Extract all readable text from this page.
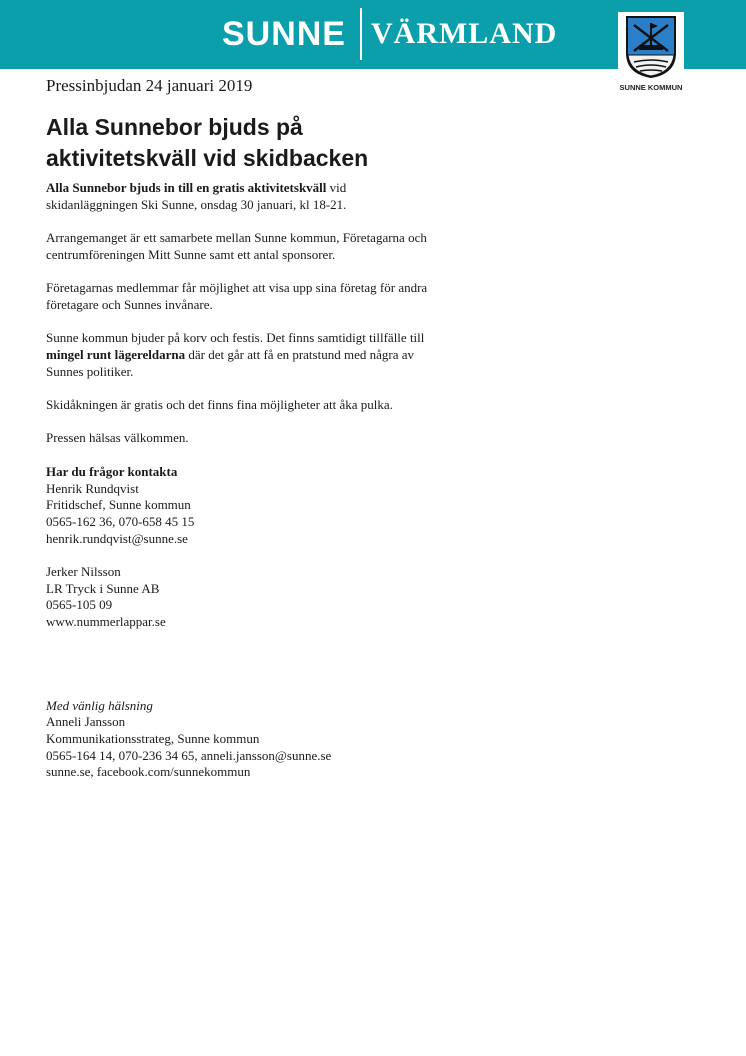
SUNNE VÄRMLAND
SUNNE KOMMUN
Pressinbjudan 24 januari 2019
Alla Sunnebor bjuds på
aktivitetskväll vid skidbacken

Alla Sunnebor bjuds in till en gratis aktivitetskväll vid
skidanläggningen Ski Sunne, onsdag 30 januari, kl 18-21.

Arrangemanget är ett samarbete mellan Sunne kommun, Företagarna och
centrumföreningen Mitt Sunne samt ett antal sponsorer.

Företagarnas medlemmar får möjlighet att visa upp sina företag för andra
företagare och Sunnes invånare.

Sunne kommun bjuder på korv och festis. Det finns samtidigt tillfälle till
mingel runt lägereldarna där det går att få en pratstund med några av
Sunnes politiker.

Skidåkningen är gratis och det finns fina möjligheter att åka pulka.

Pressen hälsas välkommen.

Har du frågor kontakta
Henrik Rundqvist
Fritidschef, Sunne kommun
0565-162 36, 070-658 45 15
henrik.rundqvist@sunne.se

Jerker Nilsson
LR Tryck i Sunne AB
0565-105 09
www.nummerlappar.se

Med vänlig hälsning
Anneli Jansson
Kommunikationsstrateg, Sunne kommun
0565-164 14, 070-236 34 65, anneli.jansson@sunne.se
sunne.se, facebook.com/sunnekommun
